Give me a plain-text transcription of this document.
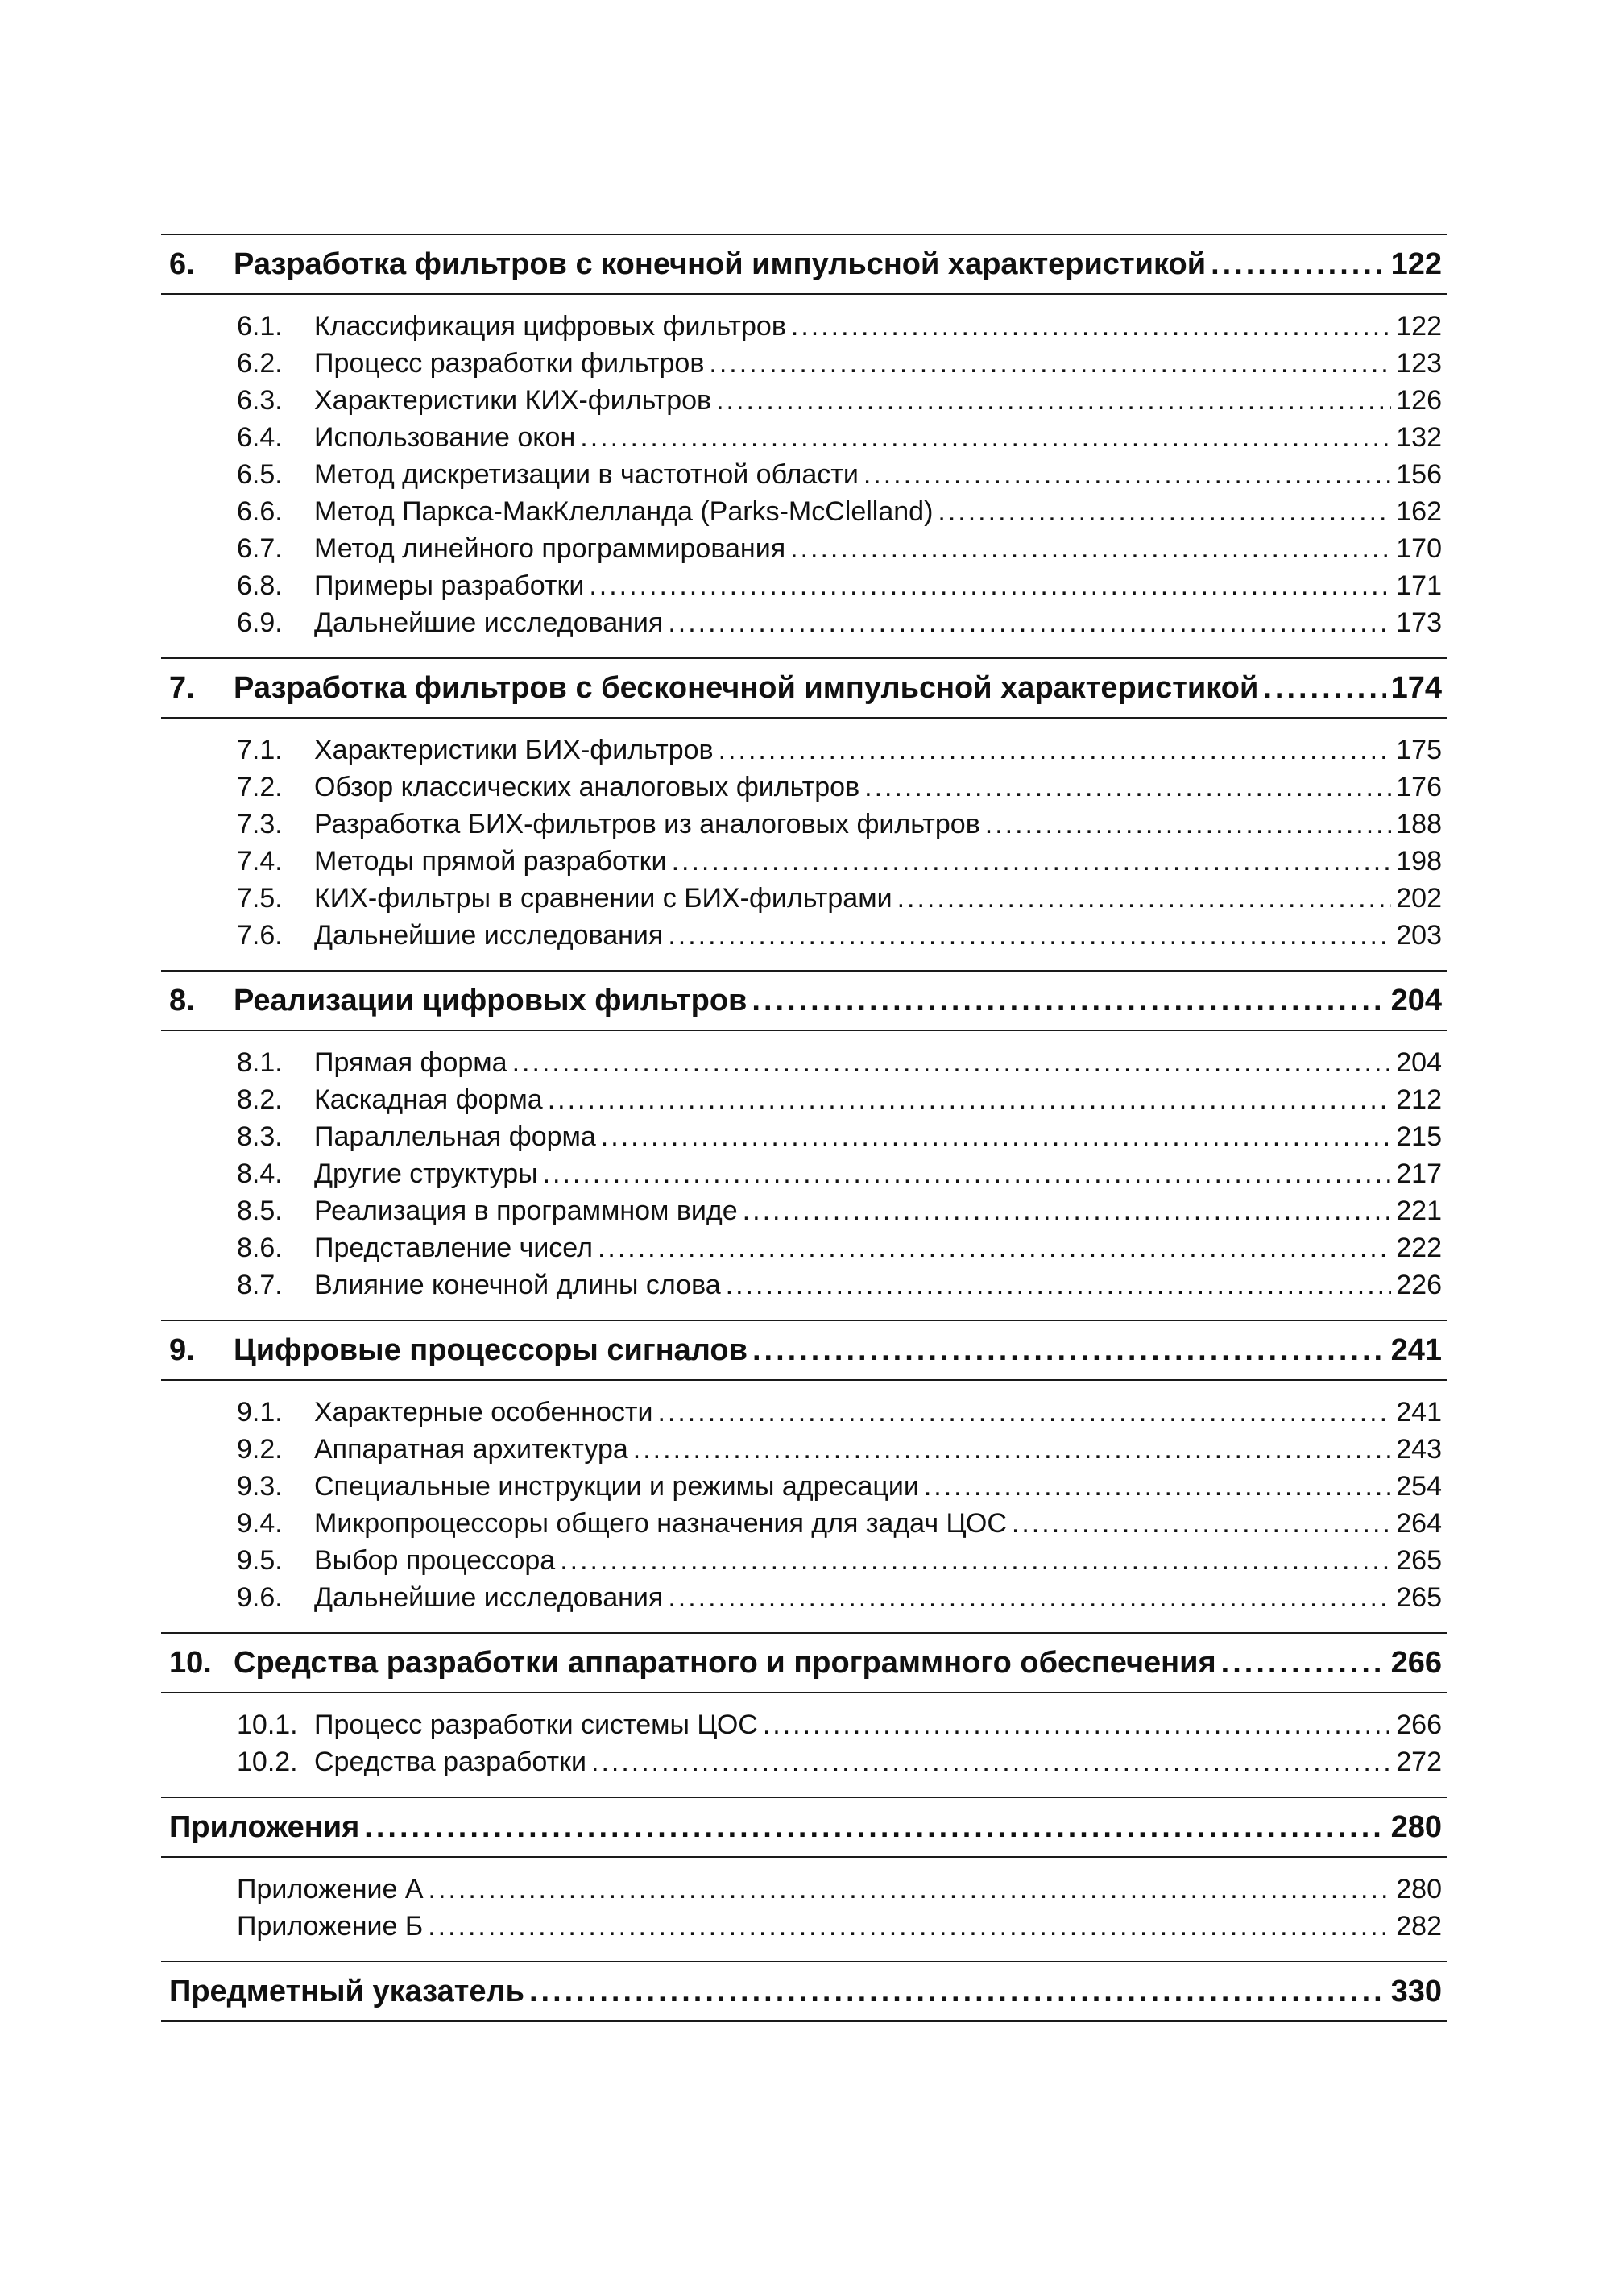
6.	Разработка фильтров с конечной импульсной характеристикой .....	122
6.1.	Классификация цифровых фильтров .....	122
6.2.	Процесс разработки фильтров .....	123
6.3.	Характеристики КИХ-фильтров .....	126
6.4.	Использование окон .....	132
6.5.	Метод дискретизации в частотной области .....	156
6.6.	Метод Паркса-МакКлелланда (Parks-McClelland) .....	162
6.7.	Метод линейного программирования .....	170
6.8.	Примеры разработки .....	171
6.9.	Дальнейшие исследования .....	173
7.	Разработка фильтров с бесконечной импульсной характеристикой .....	174
7.1.	Характеристики БИХ-фильтров .....	175
7.2.	Обзор классических аналоговых фильтров .....	176
7.3.	Разработка БИХ-фильтров из аналоговых фильтров .....	188
7.4.	Методы прямой разработки .....	198
7.5.	КИХ-фильтры в сравнении с БИХ-фильтрами .....	202
7.6.	Дальнейшие исследования .....	203
8.	Реализации цифровых фильтров .....	204
8.1.	Прямая форма .....	204
8.2.	Каскадная форма .....	212
8.3.	Параллельная форма .....	215
8.4.	Другие структуры .....	217
8.5.	Реализация в программном виде .....	221
8.6.	Представление чисел .....	222
8.7.	Влияние конечной длины слова .....	226
9.	Цифровые процессоры сигналов .....	241
9.1.	Характерные особенности .....	241
9.2.	Аппаратная архитектура .....	243
9.3.	Специальные инструкции и режимы адресации .....	254
9.4.	Микропроцессоры общего назначения для задач ЦОС .....	264
9.5.	Выбор процессора .....	265
9.6.	Дальнейшие исследования .....	265
10. Средства разработки аппаратного и программного обеспечения .....	266
10.1. Процесс разработки системы ЦОС .....	266
10.2. Средства разработки .....	272
Приложения .....	280
Приложение А .....	280
Приложение Б .....	282
Предметный указатель .....	330
